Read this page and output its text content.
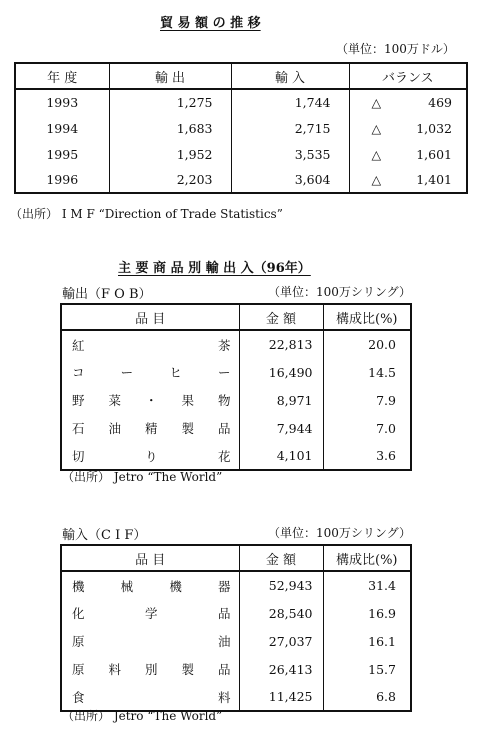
貿 易 額 の 推 移
（単位：100万ドル）
年 度	輸 出	輸 入	バランス
1993	1,275	1,744	△ 469

1994	1,683	2,715	△ 1,032

1995	1,952	3,535	△ 1,601

1996	2,203	3,604	△ 1,401
（出所） I M F “Direction of Trade Statistics”
主 要 商 品 別 輸 出 入（96年）
輸出（F O B）	（単位：100万シリング）
品 目	金 額	構成比(%)

紅 茶	22,813	20.0

コ ー ヒ ー	16,490	14.5

野 菜 ・ 果 物	8,971	7.9

石 油 精 製 品	7,944	7.0

切 り 花	4,101	3.6
（出所） Jetro “The World”
輸入（C I F）	（単位：100万シリング）
品 目	金 額	構成比(%)

機 械 機 器	52,943	31.4

化 学 品	28,540	16.9

原 油	27,037	16.1

原 料 別 製 品	26,413	15.7

食 料	11,425	6.8
（出所） Jetro “The World”
